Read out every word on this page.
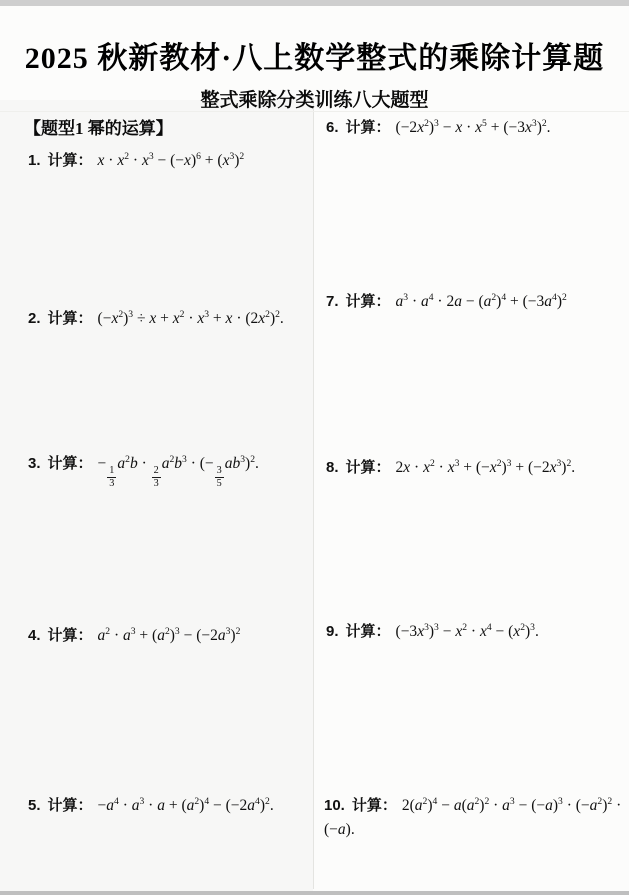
2025 秋新教材·八上数学整式的乘除计算题
整式乘除分类训练八大题型
【题型1 幂的运算】
1. 计算： $x \cdot x^2 \cdot x^3 - (-x)^6 + (x^3)^2$
2. 计算： $(-x^2)^3 \div x + x^2 \cdot x^3 + x \cdot (2x^2)^2$.
3. 计算： −
$\frac{1}{3}$
$a^2b$ ·
$\frac{2}{3}$
$a^2b^3$ · (−
$\frac{3}{5}$
$ab^3)^2$.
4. 计算： $a^2 \cdot a^3 + (a^2)^3 - (-2a^3)^2$
5. 计算： $-a^4 \cdot a^3 \cdot a + (a^2)^4 - (-2a^4)^2$.
6. 计算： $(-2x^2)^3 - x \cdot x^5 + (-3x^3)^2$.
7. 计算： $a^3 \cdot a^4 \cdot 2a - (a^2)^4 + (-3a^4)^2$
8. 计算： $2x \cdot x^2 \cdot x^3 + (-x^2)^3 + (-2x^3)^2$.
9. 计算： $(-3x^3)^3 - x^2 \cdot x^4 - (x^2)^3$.
10. 计算： $2(a^2)^4 - a(a^2)^2 \cdot a^3 - (-a)^3 \cdot (-a^2)^2 \cdot (-a)$.
